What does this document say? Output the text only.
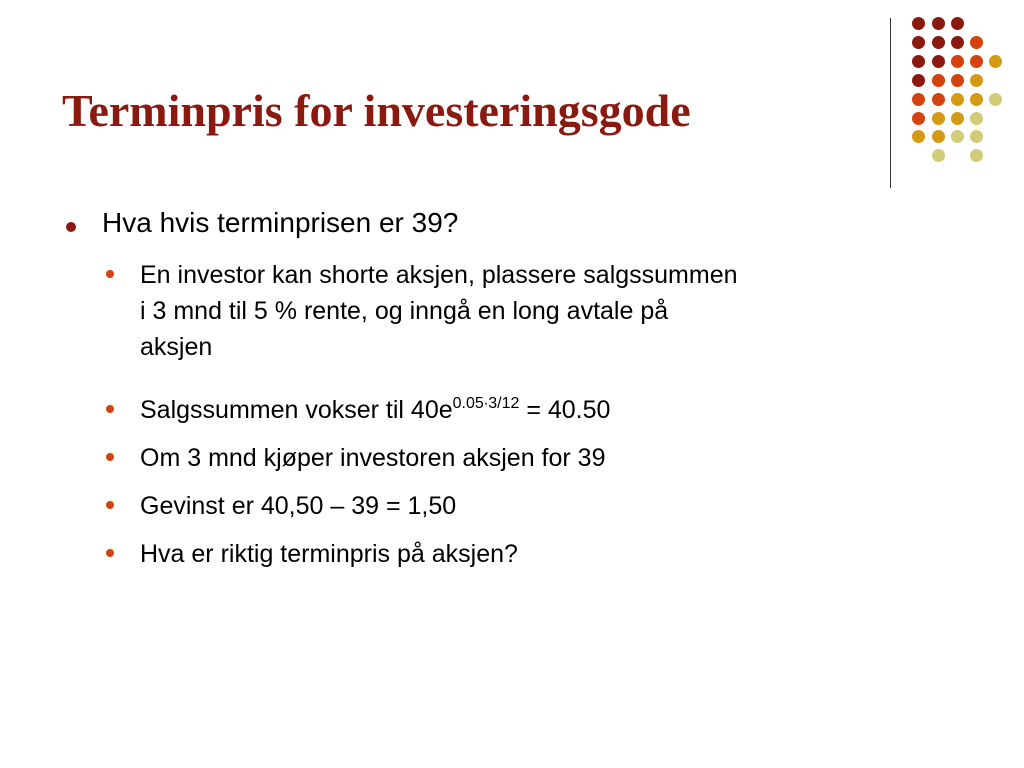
Terminpris for investeringsgode
Hva hvis terminprisen er 39?
En investor kan shorte aksjen, plassere salgssummen
i 3 mnd til 5 % rente, og inngå en long avtale på
aksjen
Salgssummen vokser til $40e^{0.05\cdot 3/12} = 40.50$
Om 3 mnd kjøper investoren aksjen for 39
Gevinst er 40,50 – 39 = 1,50
Hva er riktig terminpris på aksjen?
